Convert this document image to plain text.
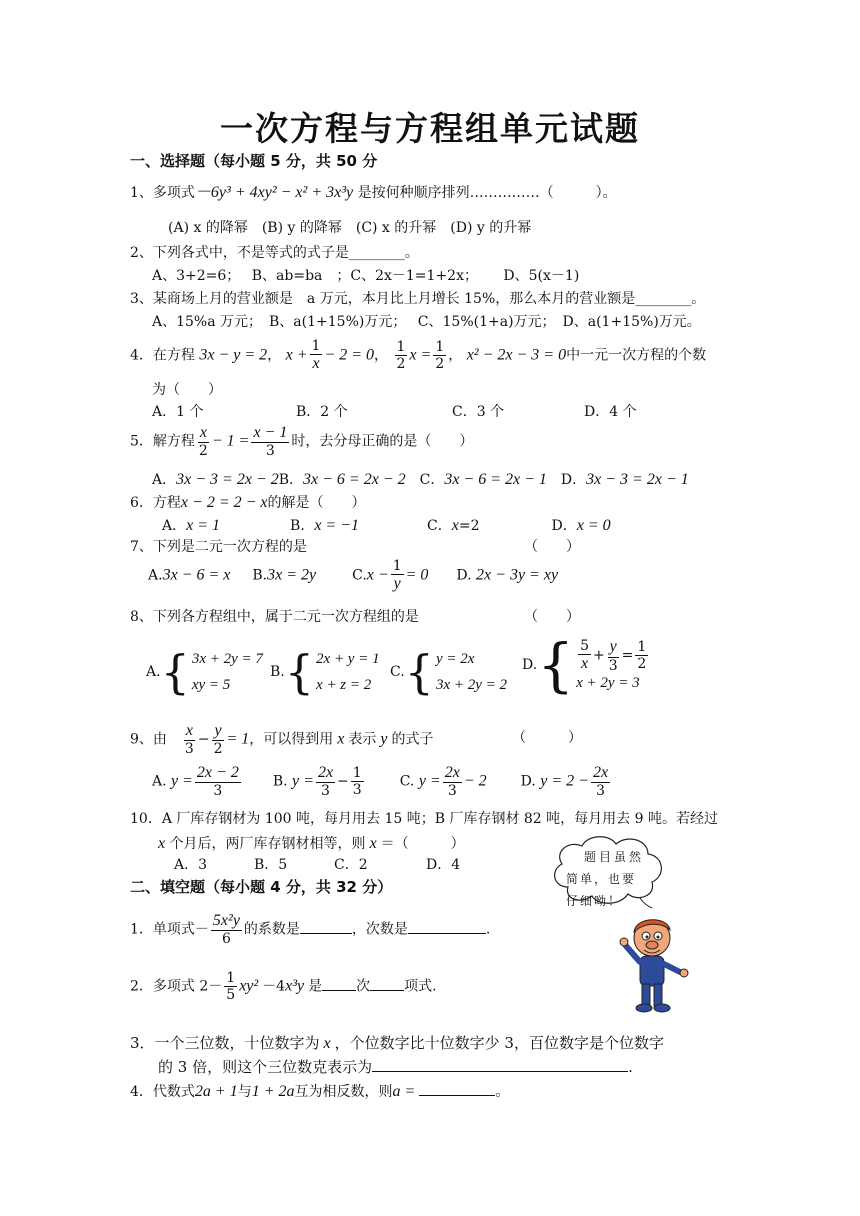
一次方程与方程组单元试题
一、选择题（每小题 5 分，共 50 分
1、多项式－6y³ + 4xy² − x² + 3x³y 是按何种顺序排列……………（　　　）。
(A) x 的降幂　(B) y 的降幂　(C) x 的升幂　(D) y 的升幂
2、下列各式中，不是等式的式子是________。
A、3+2=6；　 B、ab=ba　；C、2x－1=1+2x；　　 D、5(x－1)
3、某商场上月的营业额是　a 万元，本月比上月增长 15%，那么本月的营业额是________。
A、15%a 万元；　B、a(1+15%)万元；　 C、15%(1+a)万元；　D、a(1+15%)万元。
4．在方程 3x − y = 2， $x + \frac{1}{x} - 2 = 0$， $\frac{1}{2}$ $x = \frac{1}{2}$ ， x² − 2x − 3 = 0中一元一次方程的个数
为（　　）
A．1 个	B．2 个	C．3 个	D．4 个
5．解方程 $\frac{x}{2} - 1 = \frac{x - 1}{3}$ 时，去分母正确的是（　　）
A．3x − 3 = 2x − 2B．3x − 6 = 2x − 2　C．3x − 6 = 2x − 1　D．3x − 3 = 2x − 1
6．方程x − 2 = 2 − x的解是（　　）
A．x = 1	B．x = −1	C．x=2	D．x = 0
7、下列是二元一次方程的是	（　　）
A.3x − 6 = x B.3x = 2y	$C.x - \frac{1}{y} = 0$ D. 2x − 3y = xy
8、下列各方程组中，属于二元一次方程组的是	（　　）
A. { 3x + 2y = 7
xy = 5
B. { 2x + y = 1
x + z = 2
C. { y = 2x
3x + 2y = 2
D. { $\frac{5}{x} + \frac{y}{3} = \frac{1}{2}$
x + 2y = 3
9、由　 $\frac{x}{3} - \frac{y}{2} = 1$，可以得到用 x 表示 y 的式子	（　　　）
A. $y = \frac{2x - 2}{3} B$. $y = \frac{2x}{3} - \frac{1}{3}$	C. $y = \frac{2x}{3} - 2$ D. $y = 2 - \frac{2x}{3}$
10．A 厂库存钢材为 100 吨，每月用去 15 吨；B 厂库存钢材 82 吨，每月用去 9 吨。若经过
x 个月后，两厂库存钢材相等，则 x ＝（　　　）
A．3	B．5	C．2	D．4
二、填空题（每小题 4 分，共 32 分）
题目虽然
简单，也要
仔细呦！
1．单项式－ $\frac{\text{5x²y}}{6}$ 的系数是	，次数是	.
2．多项式 $2- \frac{1}{5} xy^2 -4x^3y$ 是 次 项式.
3．一个三位数，十位数字为 x ，个位数字比十位数字少 3，百位数字是个位数字
的 3 倍，则这个三位数克表示为	.
4．代数式2a + 1与1 + 2a互为相反数，则a =	。
